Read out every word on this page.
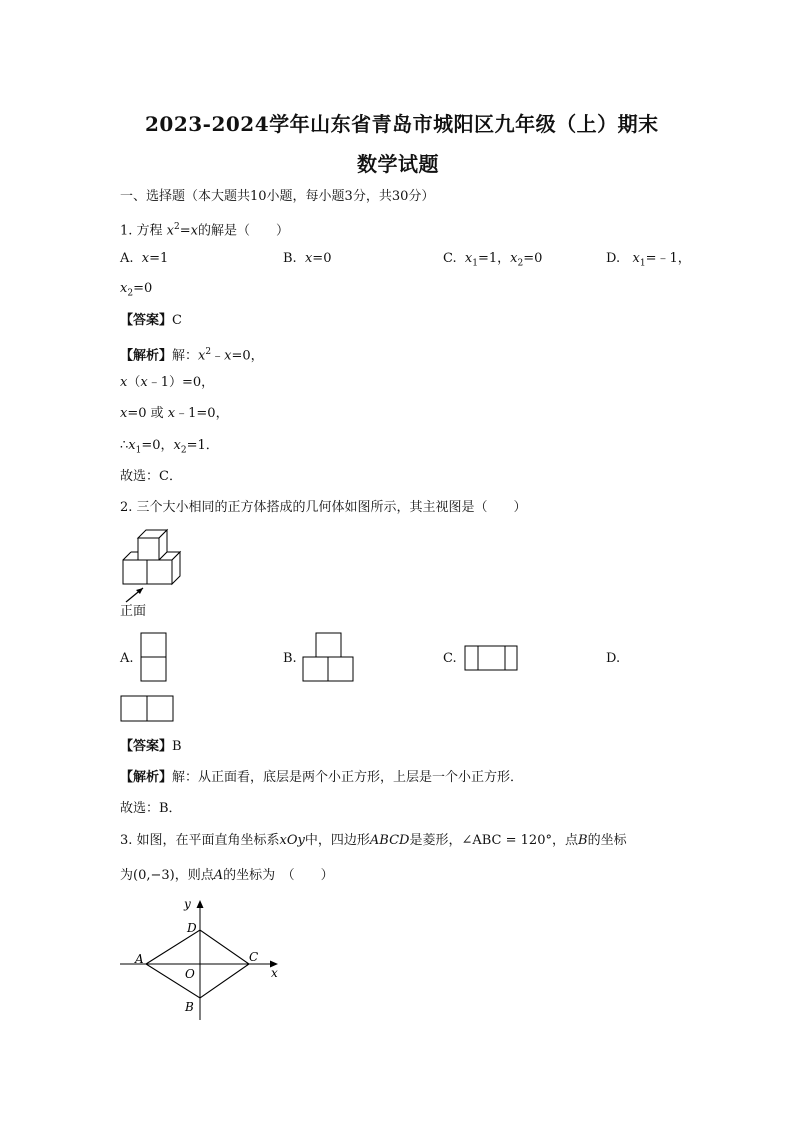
2023-2024学年山东省青岛市城阳区九年级（上）期末
数学试题
一、选择题（本大题共10小题，每小题3分，共30分）
1. 方程 $x^2=x$的解是（　　）
A. x=1	B. x=0	C. $x_1=1$，$x_2=0$	D. $x_1=﹣1$，
$x_2=0$
【答案】C
【解析】解：$x^2﹣x=0$，
x（x﹣1）=0，
x=0 或 x﹣1=0，
$\therefore x_1=0$，$x_2=1$．
故选：C．
2. 三个大小相同的正方体搭成的几何体如图所示，其主视图是（　　）
正面
A.	B.	C.	D.
【答案】B
【解析】解：从正面看，底层是两个小正方形，上层是一个小正方形．
故选：B．
3. 如图，在平面直角坐标系xOy中，四边形ABCD是菱形，∠ABC = 120°，点B的坐标
为(0,−3)，则点A的坐标为　（　　）
y
x
A	C
D
B
O
